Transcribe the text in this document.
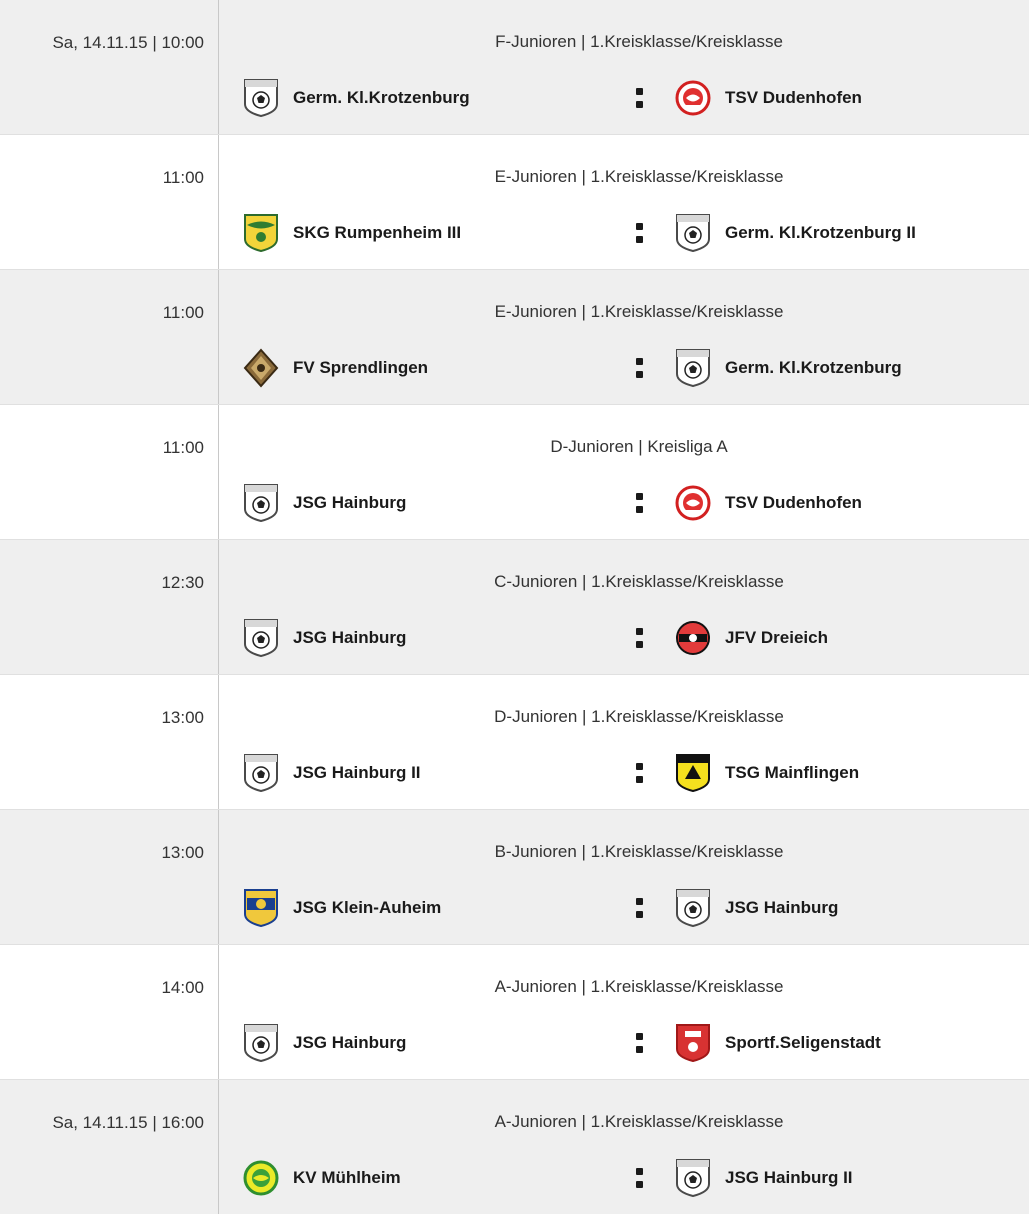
Sa, 14.11.15 | 10:00	F-Junioren | 1.Kreisklasse/Kreisklasse
Germ. Kl.Krotzenburg	TSV Dudenhofen
11:00	E-Junioren | 1.Kreisklasse/Kreisklasse
SKG Rumpenheim III	Germ. Kl.Krotzenburg II
11:00	E-Junioren | 1.Kreisklasse/Kreisklasse
FV Sprendlingen	Germ. Kl.Krotzenburg
11:00	D-Junioren | Kreisliga A
JSG Hainburg	TSV Dudenhofen
12:30	C-Junioren | 1.Kreisklasse/Kreisklasse
JSG Hainburg	JFV Dreieich
13:00	D-Junioren | 1.Kreisklasse/Kreisklasse
JSG Hainburg II	TSG Mainflingen
13:00	B-Junioren | 1.Kreisklasse/Kreisklasse
JSG Klein-Auheim	JSG Hainburg
14:00	A-Junioren | 1.Kreisklasse/Kreisklasse
JSG Hainburg	Sportf.Seligenstadt
Sa, 14.11.15 | 16:00	A-Junioren | 1.Kreisklasse/Kreisklasse
KV Mühlheim	JSG Hainburg II
